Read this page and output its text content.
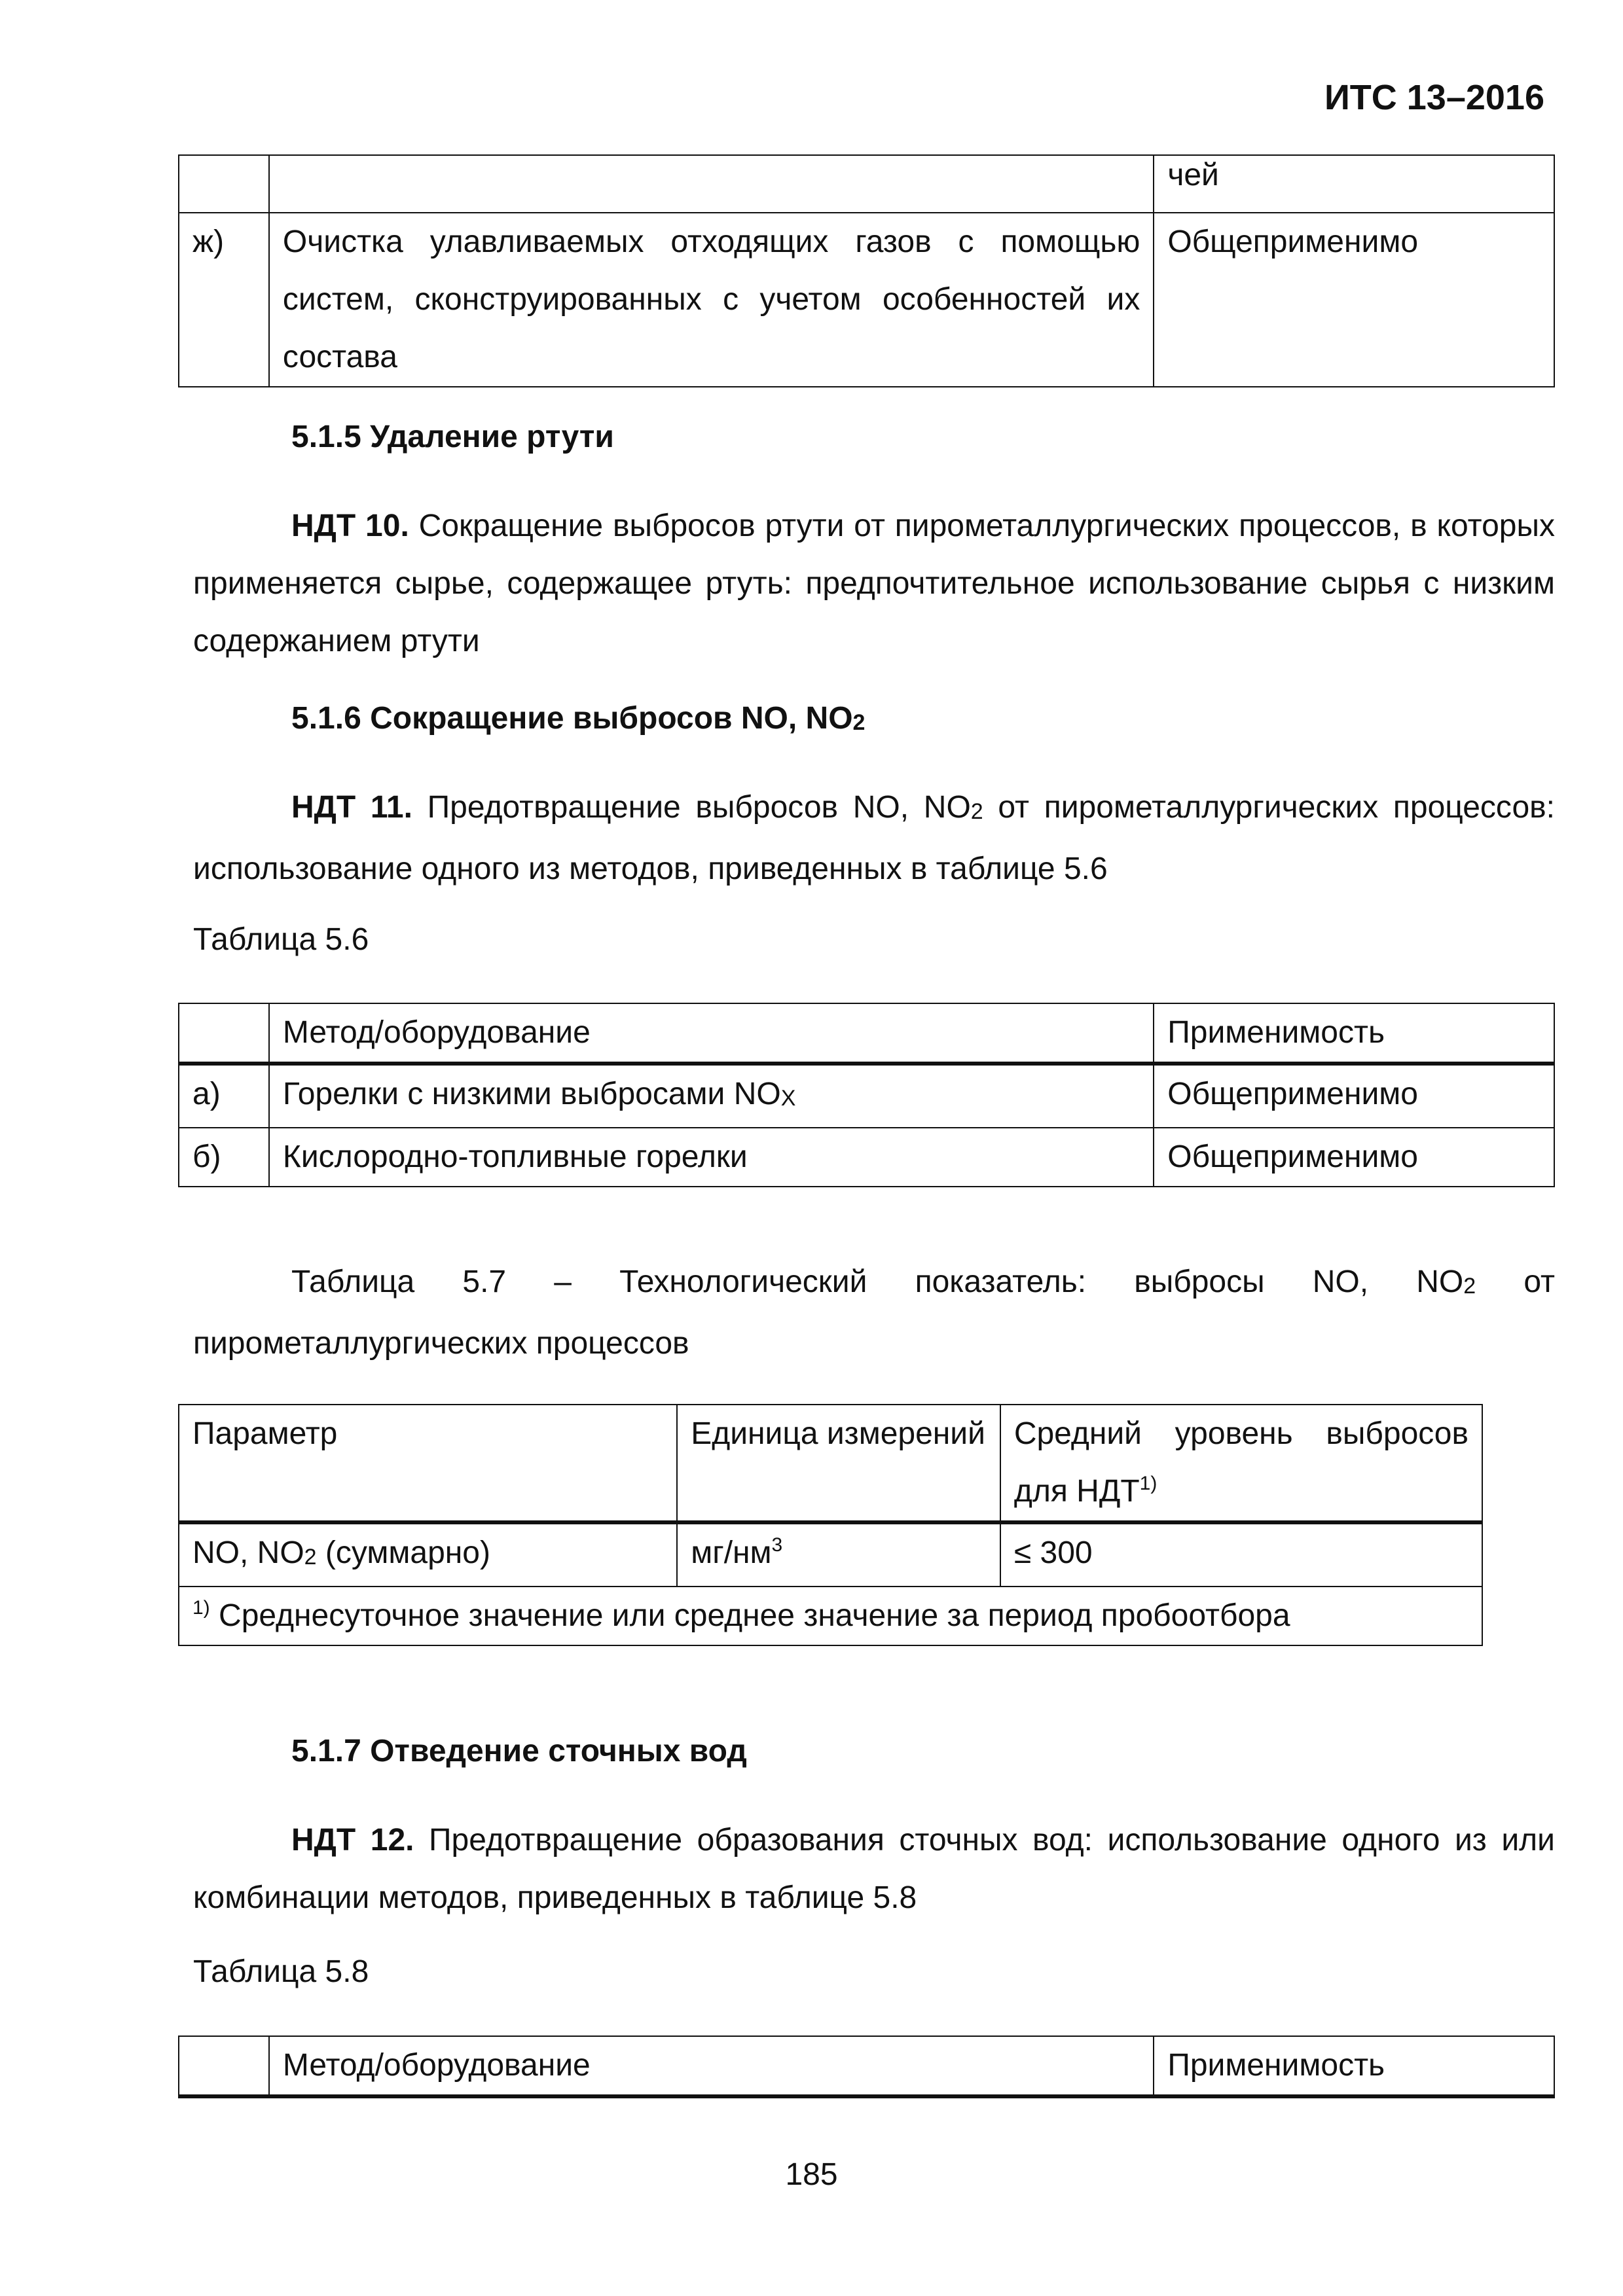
ИТС 13–2016
		чей
ж)	Очистка улавливаемых отходящих газов с помощью систем, сконструированных с учетом особенностей их состава	Общеприменимо
5.1.5 Удаление ртути
НДТ 10. Сокращение выбросов ртути от пирометаллургических процессов, в которых применяется сырье, содержащее ртуть: предпочтительное использование сырья с низким содержанием ртути
5.1.6 Сокращение выбросов NO, $NO_2$
НДТ 11. Предотвращение выбросов NO, $NO_2$ от пирометаллургических процессов: использование одного из методов, приведенных в таблице 5.6
Таблица 5.6
	Метод/оборудование	Применимость
а)	Горелки с низкими выбросами $NO_X$	Общеприменимо
б)	Кислородно-топливные горелки	Общеприменимо
Таблица 5.7 – Технологический показатель: выбросы NO, $NO_2$ от пирометаллургических процессов
Параметр	Единица измерений	Средний уровень выбросов для НДТ$^{1)}$
NO, $NO_2$ (суммарно)	$мг/нм^3$	≤ 300
$^{1)}$ Среднесуточное значение или среднее значение за период пробоотбора		
5.1.7 Отведение сточных вод
НДТ 12. Предотвращение образования сточных вод: использование одного из или комбинации методов, приведенных в таблице 5.8
Таблица 5.8
	Метод/оборудование	Применимость
185
